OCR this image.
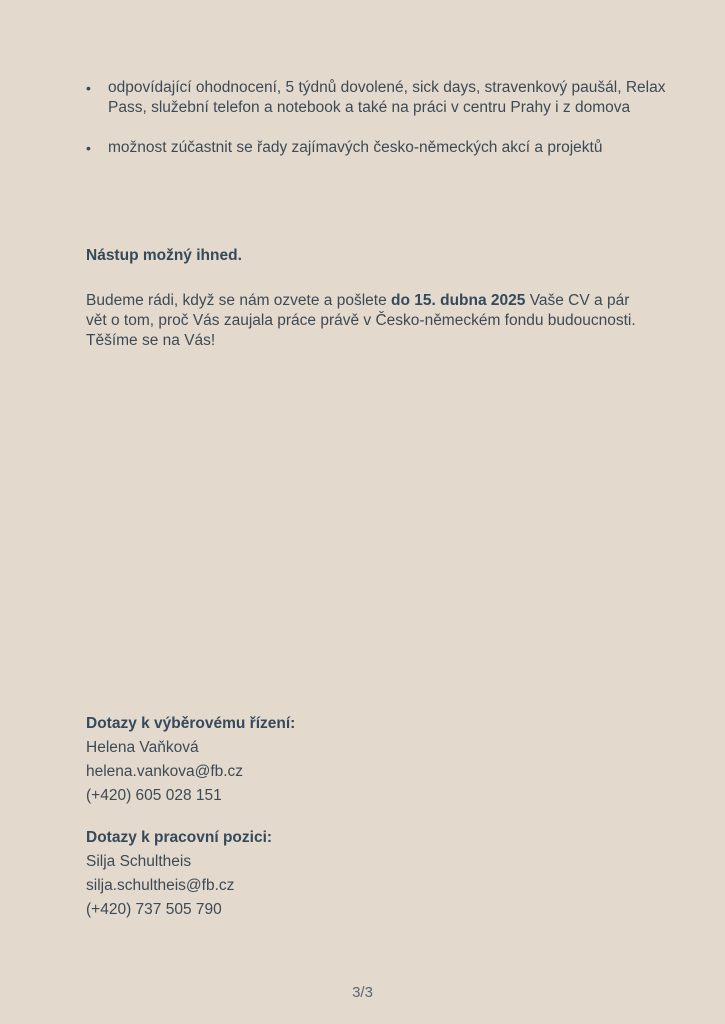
• odpovídající ohodnocení, 5 týdnů dovolené, sick days, stravenkový paušál, Relax Pass, služební telefon a notebook a také na práci v centru Prahy i z domova
• možnost zúčastnit se řady zajímavých česko-německých akcí a projektů
Nástup možný ihned.

Budeme rádi, když se nám ozvete a pošlete do 15. dubna 2025 Vaše CV a pár vět o tom, proč Vás zaujala práce právě v Česko-německém fondu budoucnosti. Těšíme se na Vás!

Dotazy k výběrovému řízení:
Helena Vaňková
helena.vankova@fb.cz
(+420) 605 028 151
Dotazy k pracovní pozici:
Silja Schultheis
silja.schultheis@fb.cz
(+420) 737 505 790
3/3
